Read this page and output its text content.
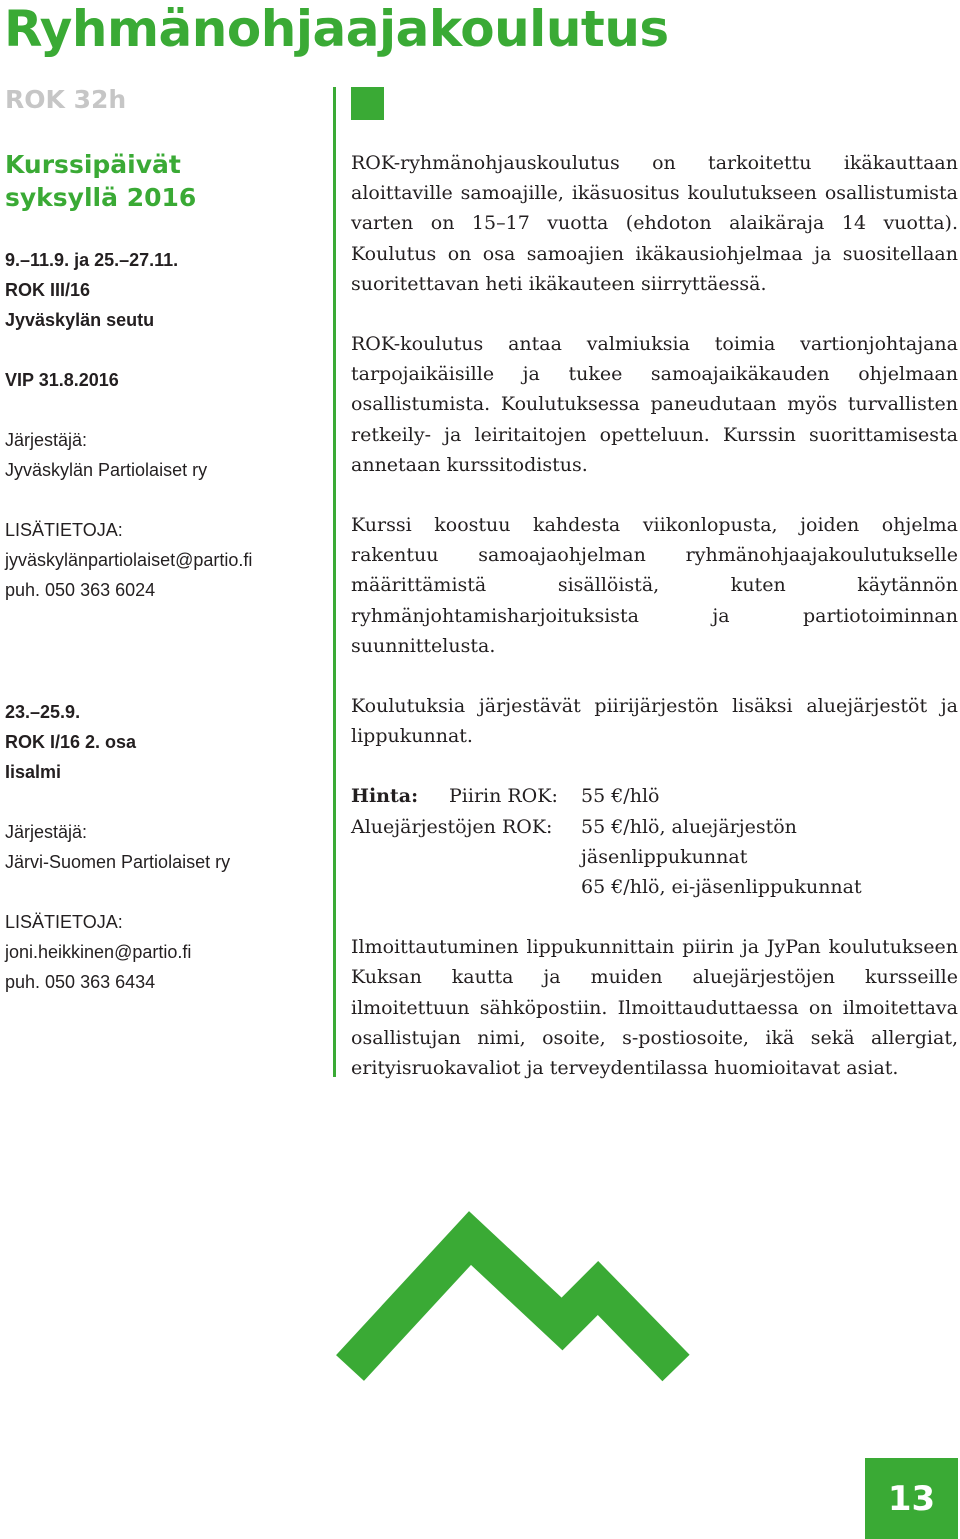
Ryhmänohjaajakoulutus
ROK 32h
Kurssipäivät
syksyllä 2016
9.–11.9. ja 25.–27.11.
ROK III/16
Jyväskylän seutu
VIP 31.8.2016
Järjestäjä:
Jyväskylän Partiolaiset ry
LISÄTIETOJA:
jyväskylänpartiolaiset@partio.fi
puh. 050 363 6024
23.–25.9.
ROK I/16 2. osa
Iisalmi
Järjestäjä:
Järvi-Suomen Partiolaiset ry
LISÄTIETOJA:
joni.heikkinen@partio.fi
puh. 050 363 6434

ROK-ryhmänohjauskoulutus on tarkoitettu ikäkauttaan aloittaville samoajille, ikäsuositus koulutukseen osallistumista varten on 15–17 vuotta (ehdoton alaikäraja 14 vuotta). Koulutus on osa samoajien ikäkausiohjelmaa ja suositellaan suoritettavan heti ikäkauteen siirryttäessä.

ROK-koulutus antaa valmiuksia toimia vartionjohtajana tarpojaikäisille ja tukee samoajaikäkauden ohjelmaan osallistumista. Koulutuksessa paneudutaan myös turvallisten retkeily- ja leiritaitojen opetteluun. Kurssin suorittamisesta annetaan kurssitodistus.

Kurssi koostuu kahdesta viikonlopusta, joiden ohjelma rakentuu samoajaohjelman ryhmänohjaajakoulutukselle määrittämistä sisällöistä, kuten käytännön ryhmänjohtamisharjoituksista ja partiotoiminnan suunnittelusta.

Koulutuksia järjestävät piirijärjestön lisäksi aluejärjestöt ja lippukunnat.

Hinta: Piirin ROK:	55 €/hlö
Aluejärjestöjen ROK:	55 €/hlö, aluejärjestön
jäsenlippukunnat
65 €/hlö, ei-jäsenlippukunnat

Ilmoittautuminen lippukunnittain piirin ja JyPan koulutukseen Kuksan kautta ja muiden aluejärjestöjen kursseille ilmoitettuun sähköpostiin. Ilmoittauduttaessa on ilmoitettava osallistujan nimi, osoite, s-postiosoite, ikä sekä allergiat, erityisruokavaliot ja terveydentilassa huomioitavat asiat.

13
